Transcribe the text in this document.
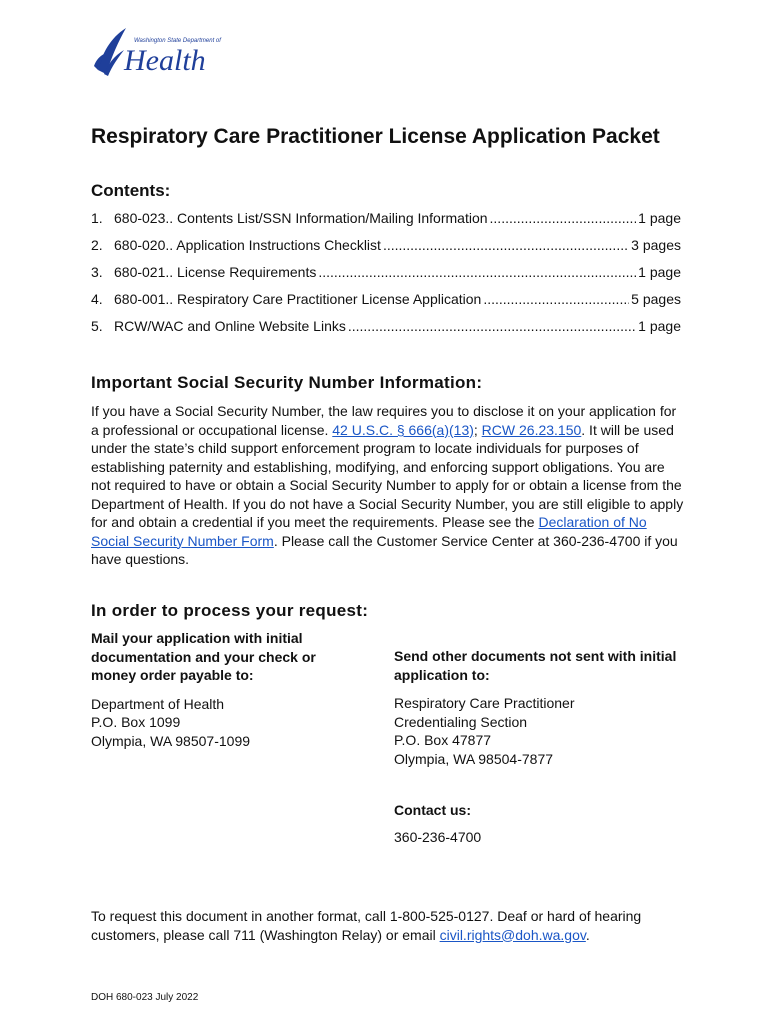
Washington State Department of
Health
Respiratory Care Practitioner License Application Packet
Contents:
1. 680-023.. Contents List/SSN Information/Mailing Information .....	1 page
2. 680-020.. Application Instructions Checklist .....	3 pages
3. 680-021.. License Requirements .....	1 page
4. 680-001.. Respiratory Care Practitioner License Application .....	5 pages
5. RCW/WAC and Online Website Links .....	1 page
Important Social Security Number Information:

If you have a Social Security Number, the law requires you to disclose it on your application for a professional or occupational license. 42 U.S.C. § 666(a)(13); RCW 26.23.150. It will be used under the state’s child support enforcement program to locate individuals for purposes of establishing paternity and establishing, modifying, and enforcing support obligations. You are not required to have or obtain a Social Security Number to apply for or obtain a license from the Department of Health. If you do not have a Social Security Number, you are still eligible to apply for and obtain a credential if you meet the requirements. Please see the Declaration of No Social Security Number Form. Please call the Customer Service Center at 360-236-4700 if you have questions.

In order to process your request:

Mail your application with initial documentation and your check or money order payable to:

Department of Health
P.O. Box 1099
Olympia, WA 98507-1099

Send other documents not sent with initial application to:

Respiratory Care Practitioner
Credentialing Section
P.O. Box 47877
Olympia, WA 98504-7877

Contact us:

360-236-4700

To request this document in another format, call 1-800-525-0127. Deaf or hard of hearing customers, please call 711 (Washington Relay) or email civil.rights@doh.wa.gov.

DOH 680-023 July 2022
